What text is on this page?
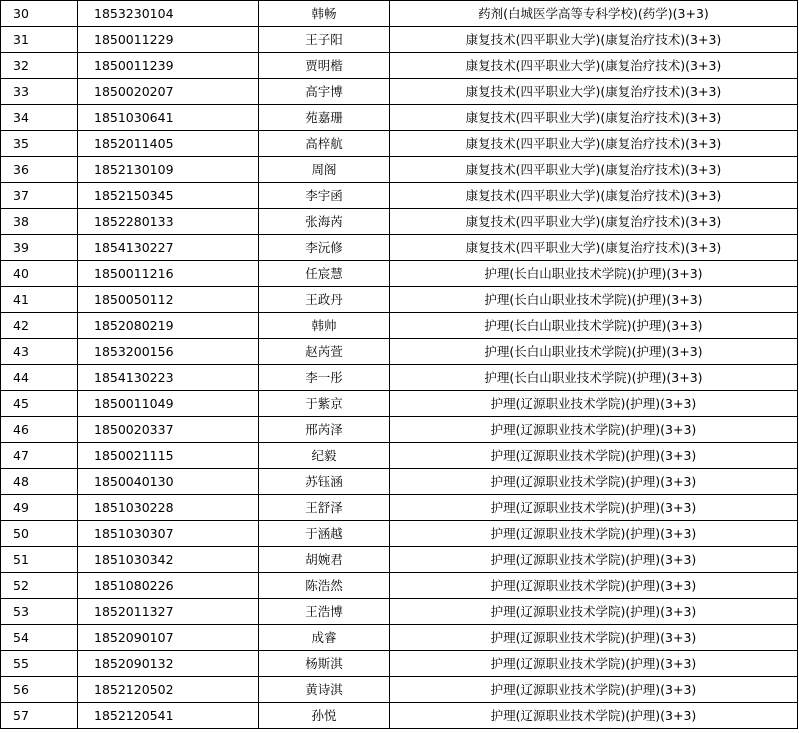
30	1853230104	韩畅	药剂(白城医学高等专科学校)(药学)(3+3)
31	1850011229	王子阳	康复技术(四平职业大学)(康复治疗技术)(3+3)
32	1850011239	贾明楷	康复技术(四平职业大学)(康复治疗技术)(3+3)
33	1850020207	高宇博	康复技术(四平职业大学)(康复治疗技术)(3+3)
34	1851030641	苑嘉珊	康复技术(四平职业大学)(康复治疗技术)(3+3)
35	1852011405	高梓航	康复技术(四平职业大学)(康复治疗技术)(3+3)
36	1852130109	周阁	康复技术(四平职业大学)(康复治疗技术)(3+3)
37	1852150345	李宇函	康复技术(四平职业大学)(康复治疗技术)(3+3)
38	1852280133	张海芮	康复技术(四平职业大学)(康复治疗技术)(3+3)
39	1854130227	李沅修	康复技术(四平职业大学)(康复治疗技术)(3+3)
40	1850011216	任宸慧	护理(长白山职业技术学院)(护理)(3+3)
41	1850050112	王政丹	护理(长白山职业技术学院)(护理)(3+3)
42	1852080219	韩帅	护理(长白山职业技术学院)(护理)(3+3)
43	1853200156	赵芮萱	护理(长白山职业技术学院)(护理)(3+3)
44	1854130223	李一彤	护理(长白山职业技术学院)(护理)(3+3)
45	1850011049	于紫京	护理(辽源职业技术学院)(护理)(3+3)
46	1850020337	邢芮泽	护理(辽源职业技术学院)(护理)(3+3)
47	1850021115	纪毅	护理(辽源职业技术学院)(护理)(3+3)
48	1850040130	苏钰涵	护理(辽源职业技术学院)(护理)(3+3)
49	1851030228	王舒泽	护理(辽源职业技术学院)(护理)(3+3)
50	1851030307	于涵越	护理(辽源职业技术学院)(护理)(3+3)
51	1851030342	胡婉君	护理(辽源职业技术学院)(护理)(3+3)
52	1851080226	陈浩然	护理(辽源职业技术学院)(护理)(3+3)
53	1852011327	王浩博	护理(辽源职业技术学院)(护理)(3+3)
54	1852090107	成睿	护理(辽源职业技术学院)(护理)(3+3)
55	1852090132	杨斯淇	护理(辽源职业技术学院)(护理)(3+3)
56	1852120502	黄诗淇	护理(辽源职业技术学院)(护理)(3+3)
57	1852120541	孙悦	护理(辽源职业技术学院)(护理)(3+3)
